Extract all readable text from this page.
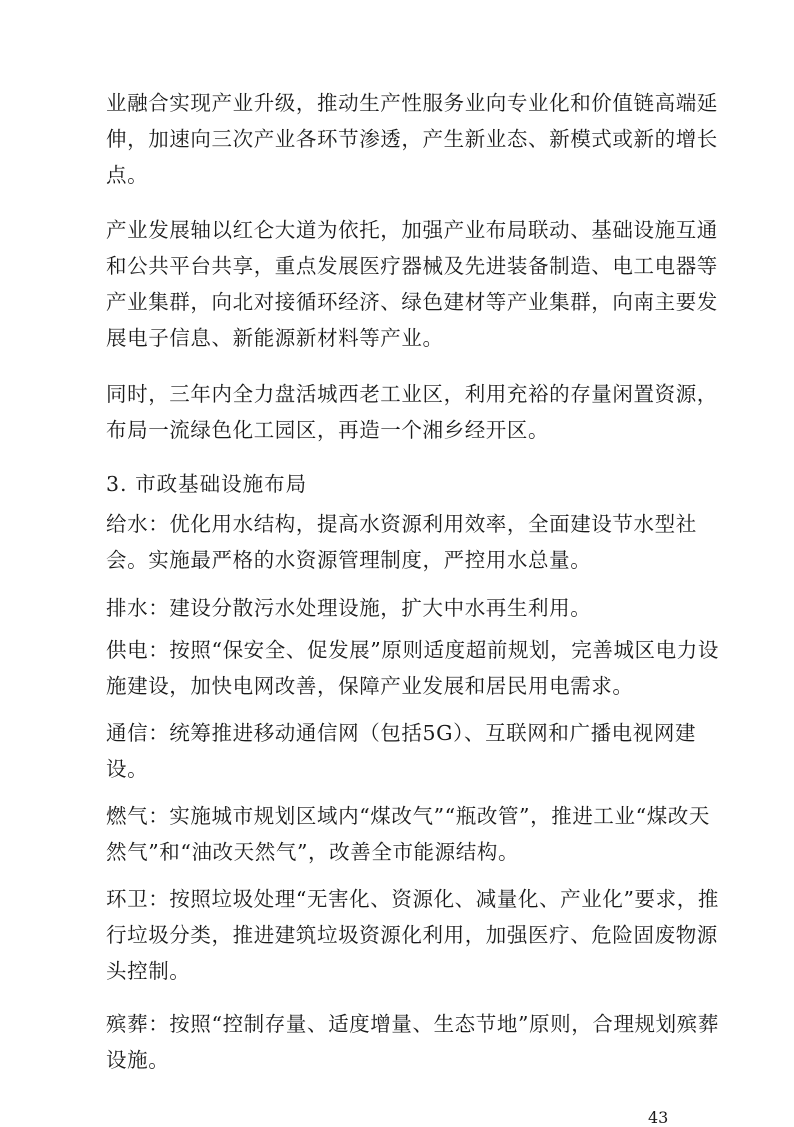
业融合实现产业升级，推动生产性服务业向专业化和价值链高端延伸，加速向三次产业各环节渗透，产生新业态、新模式或新的增长点。

产业发展轴以红仑大道为依托，加强产业布局联动、基础设施互通和公共平台共享，重点发展医疗器械及先进装备制造、电工电器等产业集群，向北对接循环经济、绿色建材等产业集群，向南主要发展电子信息、新能源新材料等产业。

同时，三年内全力盘活城西老工业区，利用充裕的存量闲置资源，布局一流绿色化工园区，再造一个湘乡经开区。

3. 市政基础设施布局

给水：优化用水结构，提高水资源利用效率，全面建设节水型社会。实施最严格的水资源管理制度，严控用水总量。

排水：建设分散污水处理设施，扩大中水再生利用。

供电：按照“保安全、促发展”原则适度超前规划，完善城区电力设施建设，加快电网改善，保障产业发展和居民用电需求。

通信：统筹推进移动通信网（包括5G）、互联网和广播电视网建设。

燃气：实施城市规划区域内“煤改气”“瓶改管”，推进工业“煤改天然气”和“油改天然气”，改善全市能源结构。

环卫：按照垃圾处理“无害化、资源化、减量化、产业化”要求，推行垃圾分类，推进建筑垃圾资源化利用，加强医疗、危险固废物源头控制。

殡葬：按照“控制存量、适度增量、生态节地”原则，合理规划殡葬设施。

43
